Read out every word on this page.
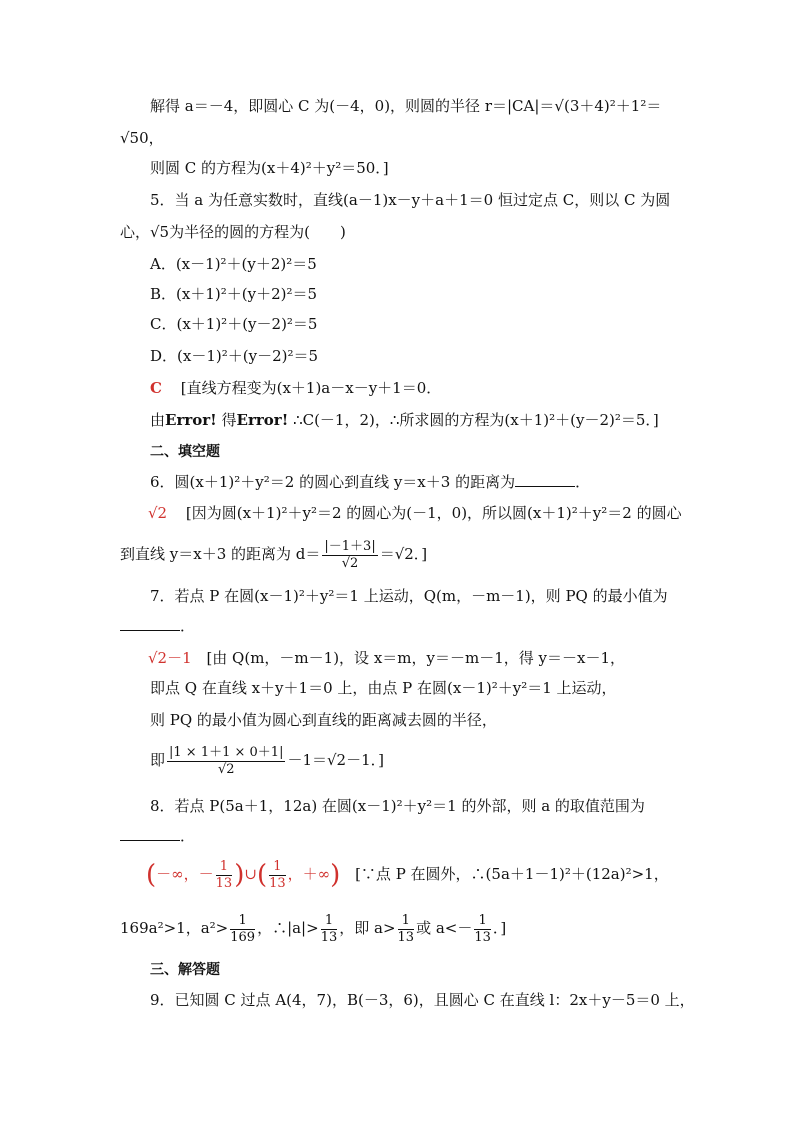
解得 a＝－4，即圆心 C 为(－4，0)，则圆的半径 r＝|CA|＝√(3＋4)²＋1²＝
√50，
则圆 C 的方程为(x＋4)²＋y²＝50．]
5．当 a 为任意实数时，直线(a－1)x－y＋a＋1＝0 恒过定点 C，则以 C 为圆
心，√5为半径的圆的方程为(　　)
A．(x－1)²＋(y＋2)²＝5
B．(x＋1)²＋(y＋2)²＝5
C．(x＋1)²＋(y－2)²＝5
D．(x－1)²＋(y－2)²＝5
C [直线方程变为(x＋1)a－x－y＋1＝0．
由Error! 得Error! ∴C(－1，2)，∴所求圆的方程为(x＋1)²＋(y－2)²＝5．]
二、填空题
6．圆(x＋1)²＋y²＝2 的圆心到直线 y＝x＋3 的距离为	．
√2 [因为圆(x＋1)²＋y²＝2 的圆心为(－1，0)，所以圆(x＋1)²＋y²＝2 的圆心
到直线 y＝x＋3 的距离为 $d= \frac{|-1+3|}{√2} =√2$．]
7．若点 P 在圆(x－1)²＋y²＝1 上运动，Q(m，－m－1)，则 PQ 的最小值为
．
√2－1 [由 Q(m，－m－1)，设 x＝m，y＝－m－1，得 y＝－x－1，
即点 Q 在直线 x＋y＋1＝0 上，由点 P 在圆(x－1)²＋y²＝1 上运动，
则 PQ 的最小值为圆心到直线的距离减去圆的半径，
即 $\frac{|1 \times 1+1 \times 0+1|}{√2} -1=√2-1$．]
8．若点 P(5a＋1，12a) 在圆(x－1)²＋y²＝1 的外部，则 a 的取值范围为
．
(－∞，－ $\frac{1}{13}$ )∪( $\frac{1}{13}$ ，＋∞) [∵点 P 在圆外，∴(5a＋1－1)²＋(12a)²>1，
169a²>1，$a^2> \frac{1}{169}$ ，∴|a|> $\frac{1}{13}$ ，即 $a> \frac{1}{13}$ 或 $a<- \frac{1}{13}$ ．]
三、解答题
9．已知圆 C 过点 A(4，7)，B(－3，6)，且圆心 C 在直线 l：2x＋y－5＝0 上，
